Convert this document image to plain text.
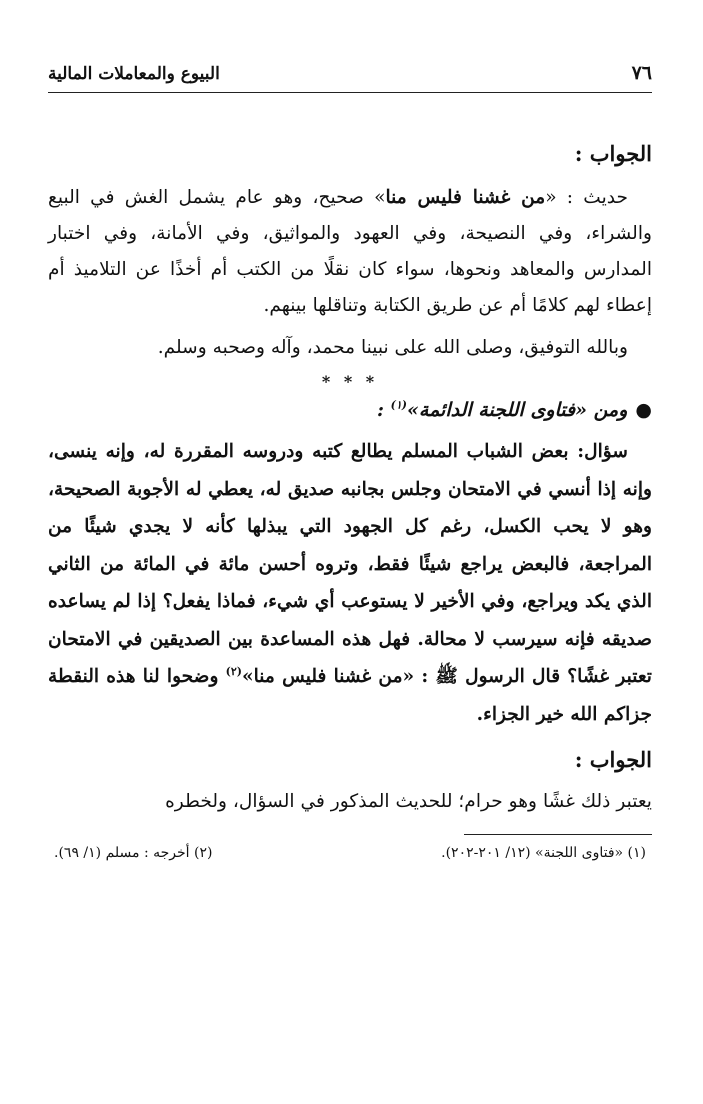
٧٦
البيوع والمعاملات المالية

الجواب :

حديث : «من غشنا فليس منا» صحيح، وهو عام يشمل الغش في البيع والشراء، وفي النصيحة، وفي العهود والمواثيق، وفي الأمانة، وفي اختبار المدارس والمعاهد ونحوها، سواء كان نقلًا من الكتب أم أخذًا عن التلاميذ أم إعطاء لهم كلامًا أم عن طريق الكتابة وتناقلها بينهم.

وبالله التوفيق، وصلى الله على نبينا محمد، وآله وصحبه وسلم.

* * *
●ومن «فتاوى اللجنة الدائمة»$^{(١)}$ :

سؤال: بعض الشباب المسلم يطالع كتبه ودروسه المقررة له، وإنه ينسى، وإنه إذا أنسي في الامتحان وجلس بجانبه صديق له، يعطي له الأجوبة الصحيحة، وهو لا يحب الكسل، رغم كل الجهود التي يبذلها كأنه لا يجدي شيئًا من المراجعة، فالبعض يراجع شيئًا فقط، وتروه أحسن مائة في المائة من الثاني الذي يكد ويراجع، وفي الأخير لا يستوعب أي شيء، فماذا يفعل؟ إذا لم يساعده صديقه فإنه سيرسب لا محالة. فهل هذه المساعدة بين الصديقين في الامتحان تعتبر غشًا؟ قال الرسول ﷺ : «من غشنا فليس منا»$^{(٢)}$ وضحوا لنا هذه النقطة جزاكم الله خير الجزاء.

الجواب :

يعتبر ذلك غشًا وهو حرام؛ للحديث المذكور في السؤال، ولخطره

(١) «فتاوى اللجنة» (١٢/ ٢٠١-٢٠٢).
(٢) أخرجه : مسلم (١/ ٦٩).
